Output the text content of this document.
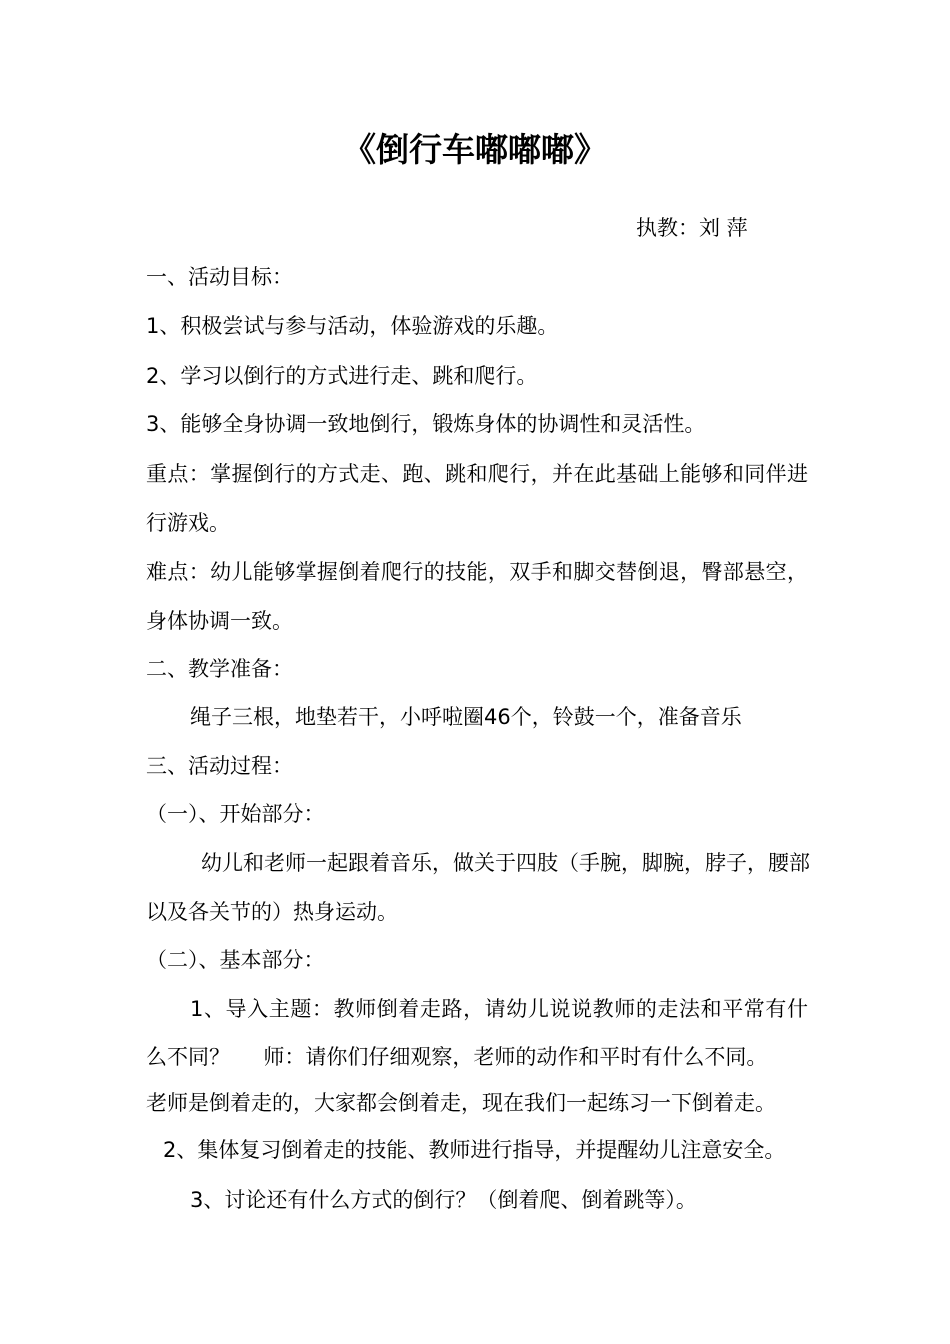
《倒行车嘟嘟嘟》
执教：刘 萍
一、活动目标：
1、积极尝试与参与活动，体验游戏的乐趣。
2、学习以倒行的方式进行走、跳和爬行。
3、能够全身协调一致地倒行，锻炼身体的协调性和灵活性。
重点：掌握倒行的方式走、跑、跳和爬行，并在此基础上能够和同伴进
行游戏。
难点：幼儿能够掌握倒着爬行的技能，双手和脚交替倒退，臀部悬空，
身体协调一致。
二、教学准备：
绳子三根，地垫若干，小呼啦圈46个，铃鼓一个，准备音乐
三、活动过程：
（一）、开始部分：
幼儿和老师一起跟着音乐，做关于四肢（手腕，脚腕，脖子，腰部
以及各关节的）热身运动。
（二）、基本部分：
1、导入主题：教师倒着走路，请幼儿说说教师的走法和平常有什
么不同？     师：请你们仔细观察，老师的动作和平时有什么不同。
老师是倒着走的，大家都会倒着走，现在我们一起练习一下倒着走。
2、集体复习倒着走的技能、教师进行指导，并提醒幼儿注意安全。
3、讨论还有什么方式的倒行？（倒着爬、倒着跳等）。
